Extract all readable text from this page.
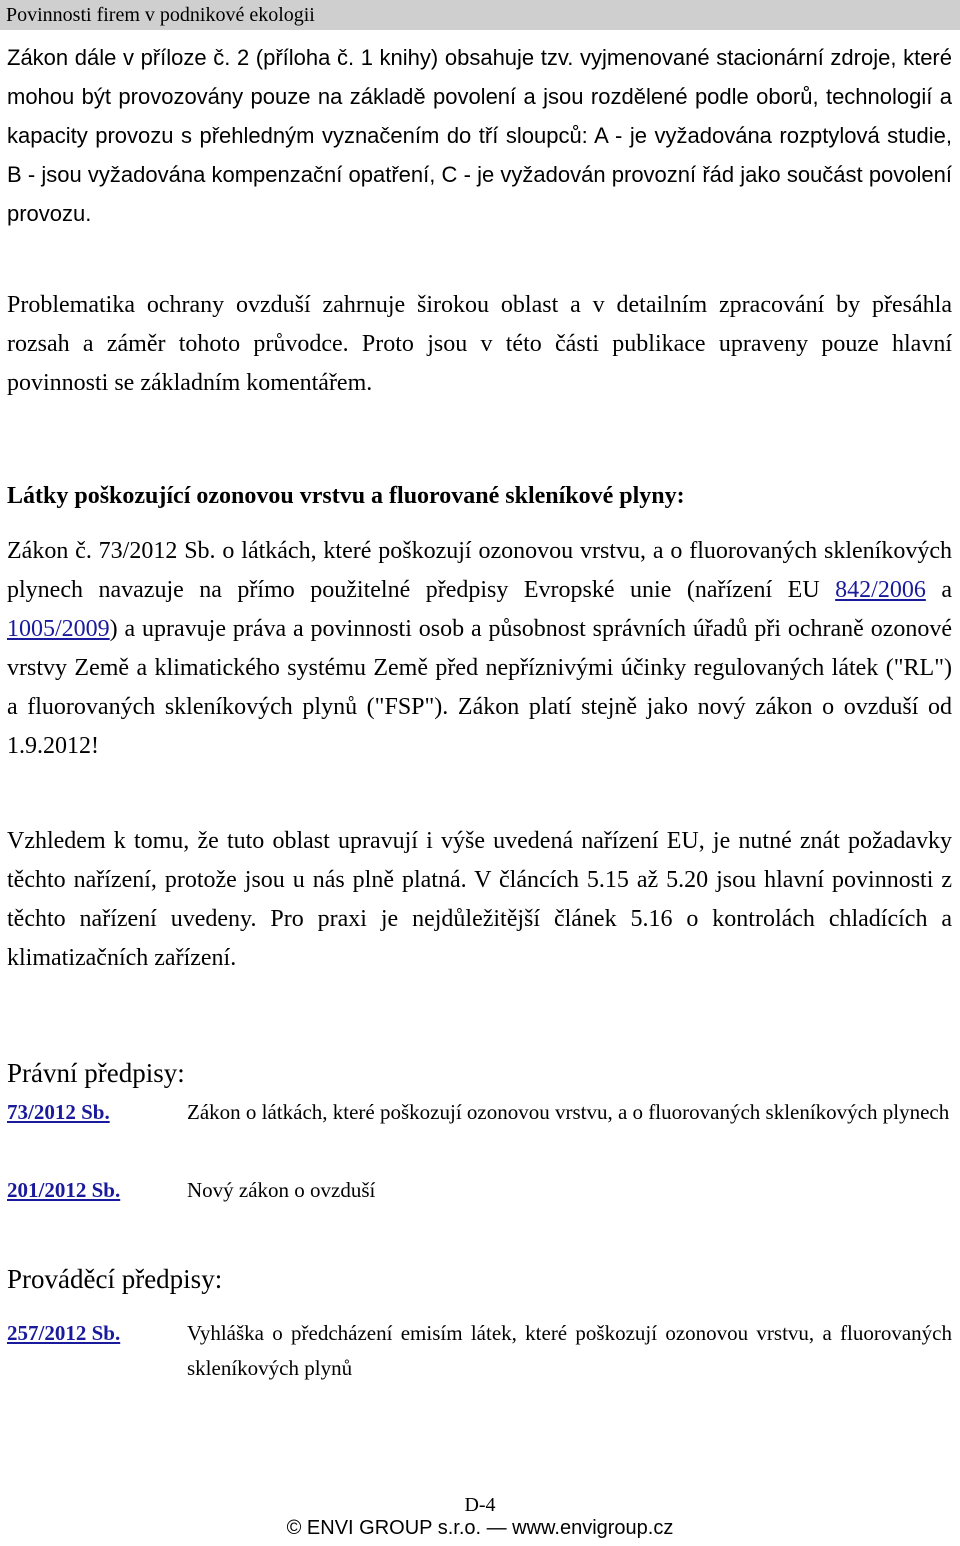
Povinnosti firem v podnikové ekologii

Zákon dále v příloze č. 2 (příloha č. 1 knihy) obsahuje tzv. vyjmenované stacionární zdroje, které mohou být provozovány pouze na základě povolení a jsou rozdělené podle oborů, technologií a kapacity provozu s přehledným vyznačením do tří sloupců: A - je vyžadována rozptylová studie, B - jsou vyžadována kompenzační opatření, C - je vyžadován provozní řád jako součást povolení provozu.

Problematika ochrany ovzduší zahrnuje širokou oblast a v detailním zpracování by přesáhla rozsah a záměr tohoto průvodce. Proto jsou v této části publikace upraveny pouze hlavní povinnosti se základním komentářem.

Látky poškozující ozonovou vrstvu a fluorované skleníkové plyny:

Zákon č. 73/2012 Sb. o látkách, které poškozují ozonovou vrstvu, a o fluorovaných skleníkových plynech navazuje na přímo použitelné předpisy Evropské unie (nařízení EU 842/2006 a 1005/2009) a upravuje práva a povinnosti osob a působnost správních úřadů při ochraně ozonové vrstvy Země a klimatického systému Země před nepříznivými účinky regulovaných látek ("RL") a fluorovaných skleníkových plynů ("FSP"). Zákon platí stejně jako nový zákon o ovzduší od 1.9.2012!

Vzhledem k tomu, že tuto oblast upravují i výše uvedená nařízení EU, je nutné znát požadavky těchto nařízení, protože jsou u nás plně platná. V článcích 5.15 až 5.20 jsou hlavní povinnosti z těchto nařízení uvedeny. Pro praxi je nejdůležitější článek 5.16 o kontrolách chladících a klimatizačních zařízení.

Právní předpisy:
73/2012 Sb.	Zákon o látkách, které poškozují ozonovou vrstvu, a o fluorovaných skleníkových plynech
201/2012 Sb.	Nový zákon o ovzduší
Prováděcí předpisy:
257/2012 Sb.	Vyhláška o předcházení emisím látek, které poškozují ozonovou vrstvu, a fluorovaných skleníkových plynů
D-4
© ENVI GROUP s.r.o. — www.envigroup.cz
